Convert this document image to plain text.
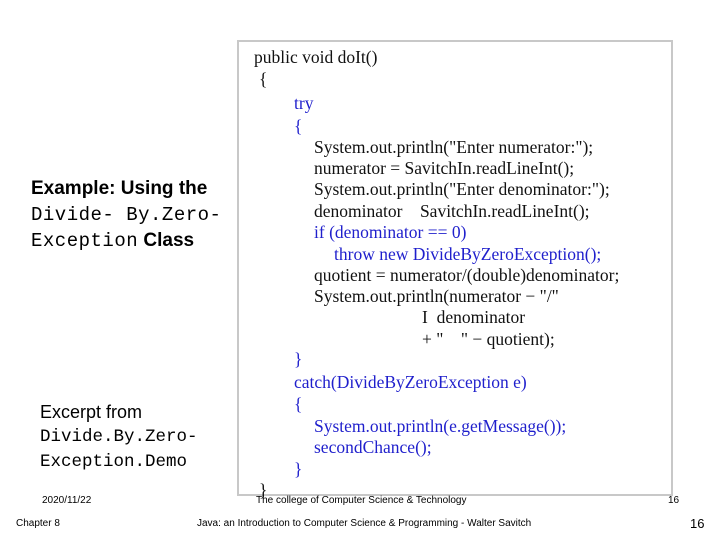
Example: Using the
Divide- By.Zero-
Exception Class
Excerpt from
Divide.By.Zero-
Exception.Demo
public void doIt()
{
try
{
System.out.println("Enter numerator:");
numerator = SavitchIn.readLineInt();
System.out.println("Enter denominator:");
denominator    SavitchIn.readLineInt();
if (denominator == 0)
throw new DivideByZeroException();
quotient = numerator/(double)denominator;
System.out.println(numerator − "/"
I  denominator
+ "    " − quotient);
}
catch(DivideByZeroException e)
{
System.out.println(e.getMessage());
secondChance();
}
}
2020/11/22	The college of Computer Science & Technology	16
Chapter 8	Java: an Introduction to Computer Science & Programming - Walter Savitch	16
